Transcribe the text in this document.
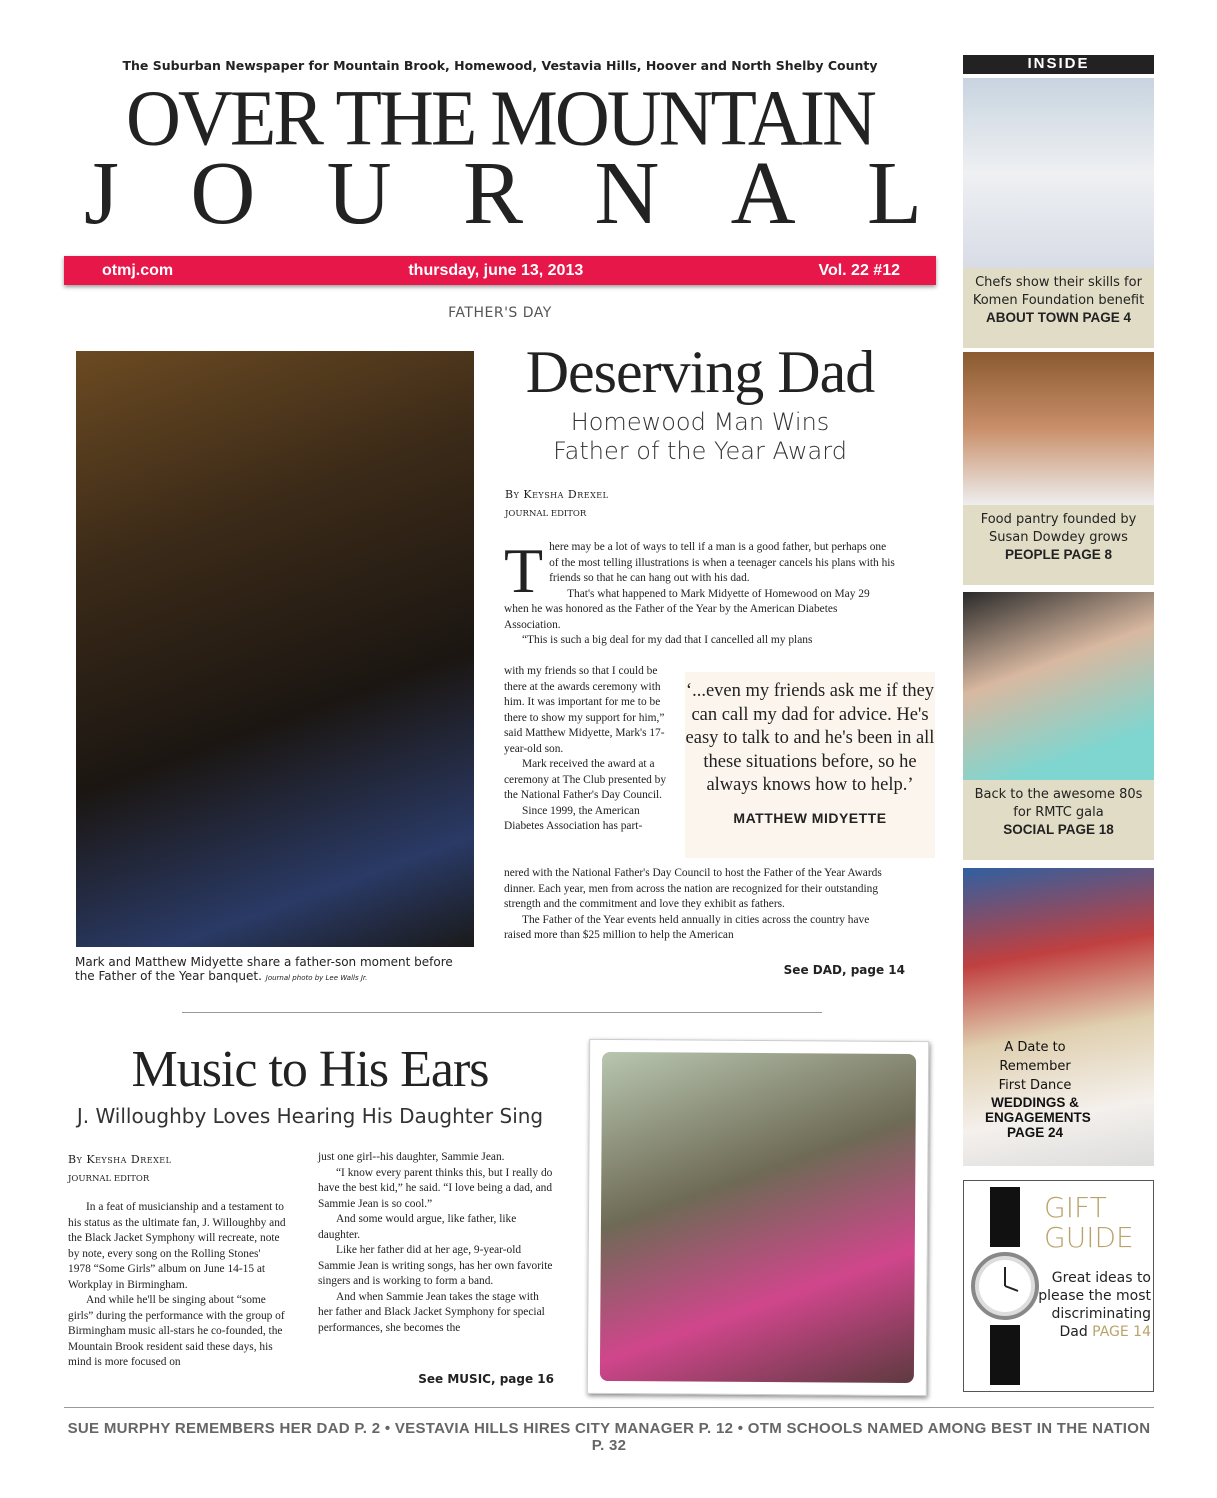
The Suburban Newspaper for Mountain Brook, Homewood, Vestavia Hills, Hoover and North Shelby County
OVER THE MOUNTAIN
J O U R N A L
otmj.com	thursday, june 13, 2013	Vol. 22 #12
FATHER'S DAY
Mark and Matthew Midyette share a father-son moment before the Father of the Year banquet. Journal photo by Lee Walls Jr.
Deserving Dad
Homewood Man Wins
Father of the Year Award
By Keysha Drexel
JOURNAL EDITOR
T here may be a lot of ways to tell if a man is a good father, but perhaps one of the most telling illustrations is when a teenager cancels his plans with his friends so that he can hang out with his dad.

That's what happened to Mark Midyette of Homewood on May 29 when he was honored as the Father of the Year by the American Diabetes Association.

“This is such a big deal for my dad that I cancelled all my plans

with my friends so that I could be there at the awards ceremony with him. It was important for me to be there to show my support for him,” said Matthew Midyette, Mark's 17-year-old son.

Mark received the award at a ceremony at The Club presented by the National Father's Day Council.

Since 1999, the American Diabetes Association has part-

nered with the National Father's Day Council to host the Father of the Year Awards dinner. Each year, men from across the nation are recognized for their outstanding strength and the commitment and love they exhibit as fathers.

The Father of the Year events held annually in cities across the country have raised more than $25 million to help the American

See DAD, page 14
‘...even my friends ask me if they can call my dad for advice. He's easy to talk to and he's been in all these situations before, so he always knows how to help.’
MATTHEW MIDYETTE
Music to His Ears
J. Willoughby Loves Hearing His Daughter Sing
By Keysha Drexel
JOURNAL EDITOR

In a feat of musicianship and a testament to his status as the ultimate fan, J. Willoughby and the Black Jacket Symphony will recreate, note by note, every song on the Rolling Stones' 1978 “Some Girls” album on June 14-15 at Workplay in Birmingham.

And while he'll be singing about “some girls” during the performance with the group of Birmingham music all-stars he co-founded, the Mountain Brook resident said these days, his mind is more focused on

just one girl--his daughter, Sammie Jean.

“I know every parent thinks this, but I really do have the best kid,” he said. “I love being a dad, and Sammie Jean is so cool.”

And some would argue, like father, like daughter.

Like her father did at her age, 9-year-old Sammie Jean is writing songs, has her own favorite singers and is working to form a band.

And when Sammie Jean takes the stage with her father and Black Jacket Symphony for special performances, she becomes the

See MUSIC, page 16
INSIDE
Chefs show their skills for
Komen Foundation benefit
ABOUT TOWN PAGE 4
Food pantry founded by
Susan Dowdey grows
PEOPLE PAGE 8
Back to the awesome 80s
for RMTC gala
SOCIAL PAGE 18
A Date to
Remember
First Dance
WEDDINGS &
ENGAGEMENTS
PAGE 24
GIFT
GUIDE
Great ideas to please the most discriminating Dad PAGE 14
SUE MURPHY REMEMBERS HER DAD P. 2 • VESTAVIA HILLS HIRES CITY MANAGER P. 12 • OTM SCHOOLS NAMED AMONG BEST IN THE NATION P. 32
